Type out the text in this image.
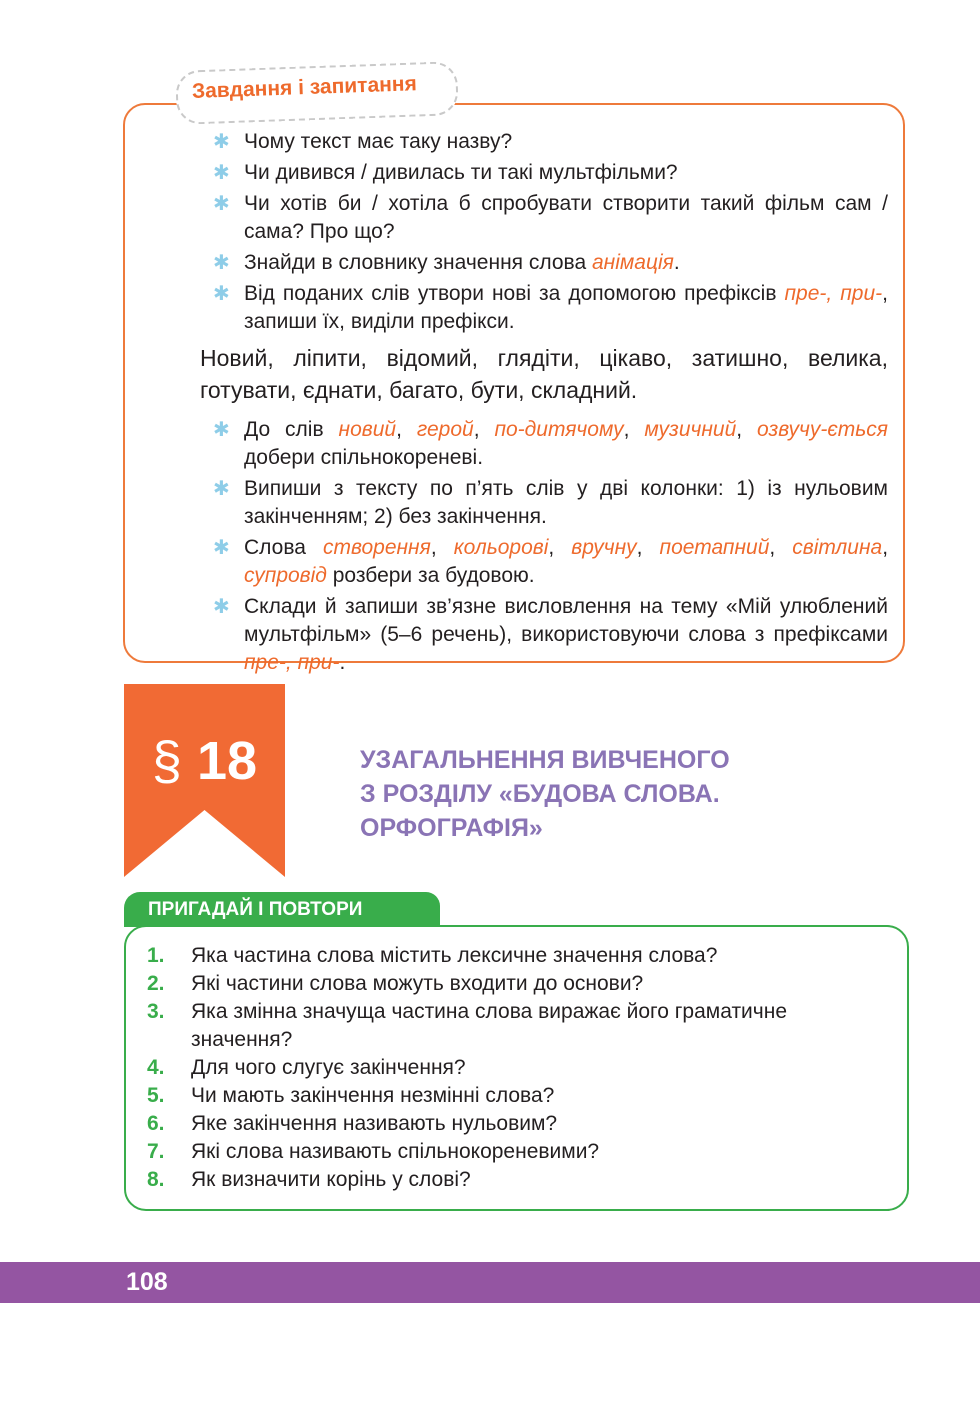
Завдання і запитання
✱ Чому текст має таку назву?
✱ Чи дивився / дивилась ти такі мультфільми?
✱ Чи хотів би / хотіла б спробувати створити такий фільм сам / сама? Про що?
✱ Знайди в словнику значення слова анімація.
✱ Від поданих слів утвори нові за допомогою префіксів пре-, при-, запиши їх, виділи префікси.
Новий, ліпити, відомий, глядіти, цікаво, затишно, велика, готувати, єднати, багато, бути, складний.
✱ До слів новий, герой, по-дитячому, музичний, озвучу-ється добери спільнокореневі.
✱ Випиши з тексту по п’ять слів у дві колонки: 1) із нульовим закінченням; 2) без закінчення.
✱ Слова створення, кольорові, вручну, поетапний, світлина, супровід розбери за будовою.
✱ Склади й запиши зв’язне висловлення на тему «Мій улюблений мультфільм» (5–6 речень), використовуючи слова з префіксами пре-, при-.
§ 18	УЗАГАЛЬНЕННЯ ВИВЧЕНОГО
З РОЗДІЛУ «БУДОВА СЛОВА.
ОРФОГРАФІЯ»
ПРИГАДАЙ І ПОВТОРИ
1. Яка частина слова містить лексичне значення слова?
2. Які частини слова можуть входити до основи?
3. Яка змінна значуща частина слова виражає його граматичне значення?
4. Для чого слугує закінчення?
5. Чи мають закінчення незмінні слова?
6. Яке закінчення називають нульовим?
7. Які слова називають спільнокореневими?
8. Як визначити корінь у слові?
108
